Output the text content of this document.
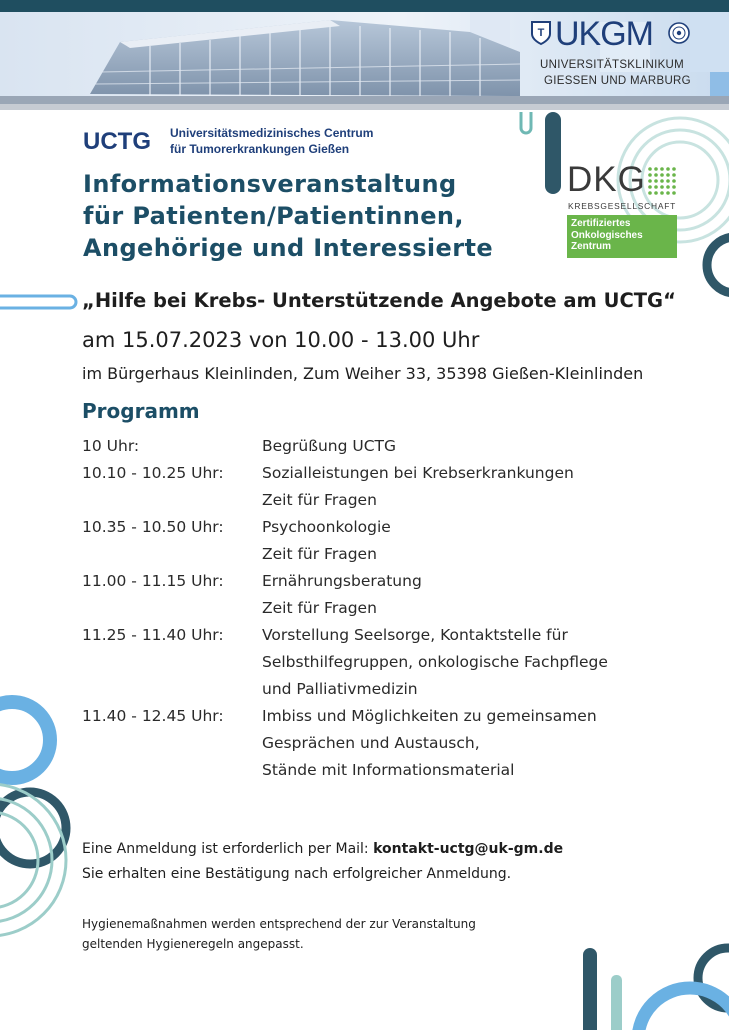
T UKGM
UNIVERSITÄTSKLINIKUM
GIESSEN UND MARBURG
UCTG Universitätsmedizinisches Centrum
für Tumorerkrankungen Gießen
Informationsveranstaltung
für Patienten/Patientinnen,
Angehörige und Interessierte
DKG
KREBSGESELLSCHAFT
Zertifiziertes
Onkologisches
Zentrum
„Hilfe bei Krebs- Unterstützende Angebote am UCTG“
am 15.07.2023 von 10.00 - 13.00 Uhr
im Bürgerhaus Kleinlinden, Zum Weiher 33, 35398 Gießen-Kleinlinden
Programm
10 Uhr:	Begrüßung UCTG
10.10 - 10.25 Uhr: Sozialleistungen bei Krebserkrankungen
Zeit für Fragen
10.35 - 10.50 Uhr: Psychoonkologie
Zeit für Fragen
11.00 - 11.15 Uhr: Ernährungsberatung
Zeit für Fragen
11.25 - 11.40 Uhr: Vorstellung Seelsorge, Kontaktstelle für
Selbsthilfegruppen, onkologische Fachpflege
und Palliativmedizin
11.40 - 12.45 Uhr: Imbiss und Möglichkeiten zu gemeinsamen
Gesprächen und Austausch,
Stände mit Informationsmaterial
Eine Anmeldung ist erforderlich per Mail: kontakt-uctg@uk-gm.de
Sie erhalten eine Bestätigung nach erfolgreicher Anmeldung.
Hygienemaßnahmen werden entsprechend der zur Veranstaltung
geltenden Hygieneregeln angepasst.
